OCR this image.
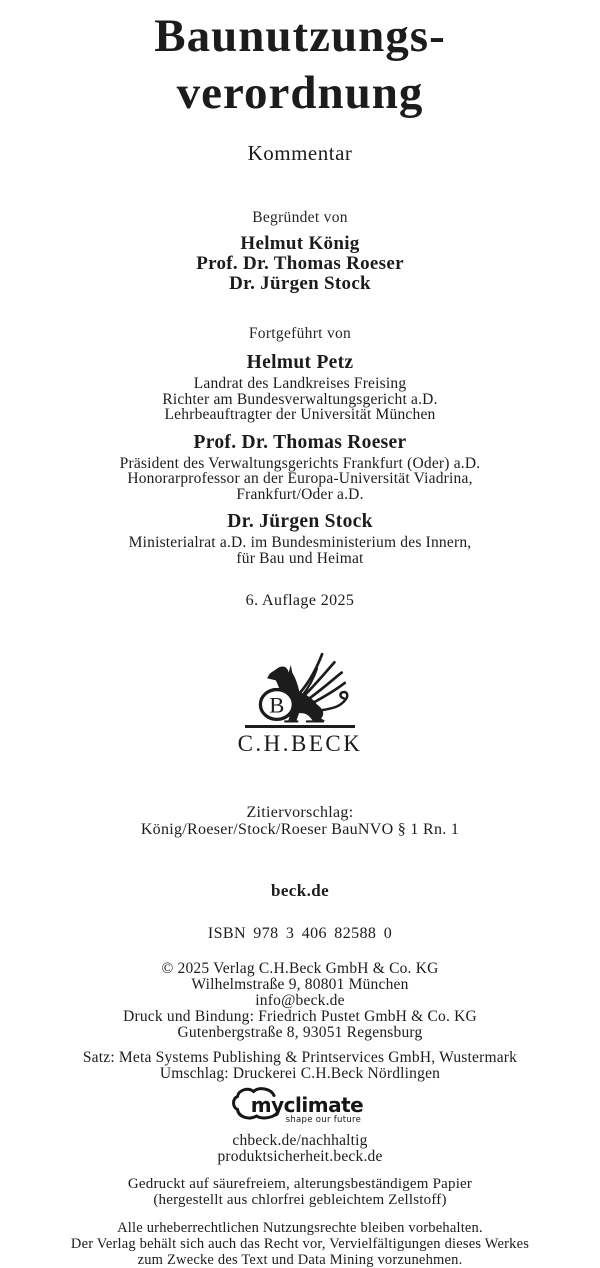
Baunutzungs-
verordnung
Kommentar
Begründet von
Helmut König
Prof. Dr. Thomas Roeser
Dr. Jürgen Stock
Fortgeführt von
Helmut Petz
Landrat des Landkreises Freising
Richter am Bundesverwaltungsgericht a.D.
Lehrbeauftragter der Universität München
Prof. Dr. Thomas Roeser
Präsident des Verwaltungsgerichts Frankfurt (Oder) a.D.
Honorarprofessor an der Europa-Universität Viadrina,
Frankfurt/Oder a.D.
Dr. Jürgen Stock
Ministerialrat a.D. im Bundesministerium des Innern,
für Bau und Heimat
6. Auflage 2025
B
C.H.BECK
Zitiervorschlag:
König/Roeser/Stock/Roeser BauNVO § 1 Rn. 1
beck.de
ISBN 978 3 406 82588 0
© 2025 Verlag C.H.Beck GmbH & Co. KG
Wilhelmstraße 9, 80801 München
info@beck.de
Druck und Bindung: Friedrich Pustet GmbH & Co. KG
Gutenbergstraße 8, 93051 Regensburg
Satz: Meta Systems Publishing & Printservices GmbH, Wustermark
Umschlag: Druckerei C.H.Beck Nördlingen
myclimate
shape our future
chbeck.de/nachhaltig
produktsicherheit.beck.de
Gedruckt auf säurefreiem, alterungsbeständigem Papier
(hergestellt aus chlorfrei gebleichtem Zellstoff)
Alle urheberrechtlichen Nutzungsrechte bleiben vorbehalten.
Der Verlag behält sich auch das Recht vor, Vervielfältigungen dieses Werkes
zum Zwecke des Text und Data Mining vorzunehmen.
